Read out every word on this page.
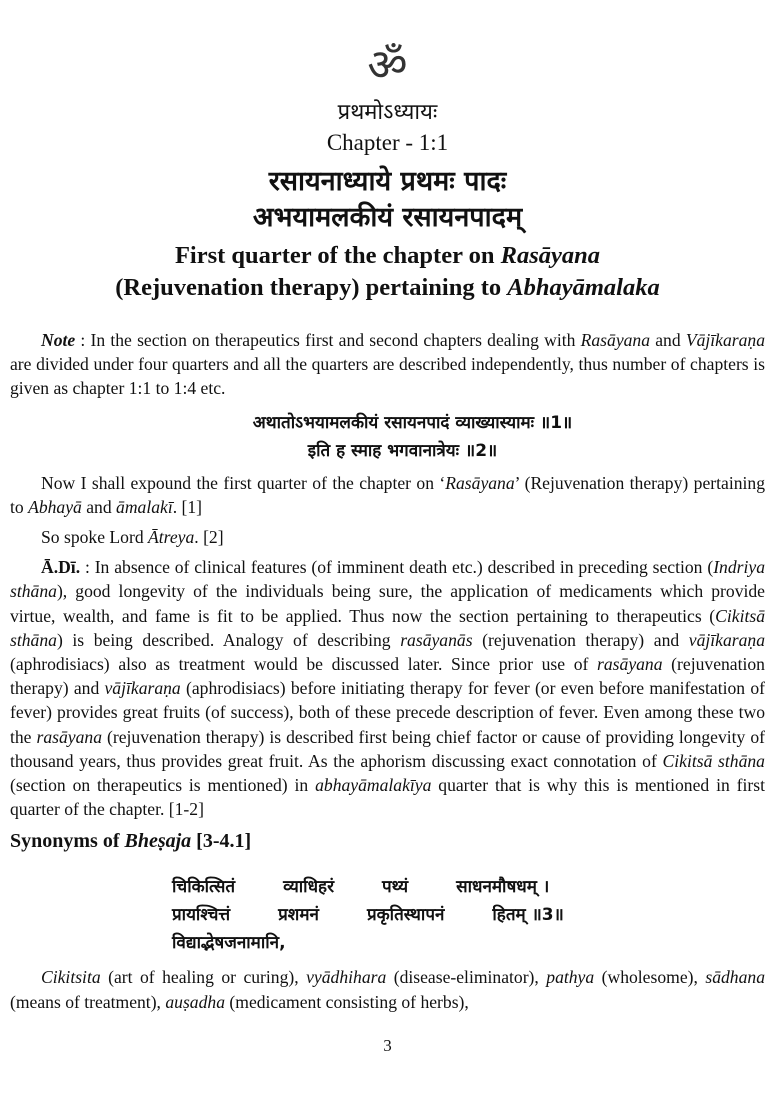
ॐ
प्रथमोऽध्यायः
Chapter - 1:1
रसायनाध्याये प्रथमः पादः
अभयामलकीयं रसायनपादम्
First quarter of the chapter on Rasāyana
(Rejuvenation therapy) pertaining to Abhayāmalaka

Note : In the section on therapeutics first and second chapters dealing with Rasāyana and Vājīkaraṇa are divided under four quarters and all the quarters are described independently, thus number of chapters is given as chapter 1:1 to 1:4 etc.

अथातोऽभयामलकीयं रसायनपादं व्याख्यास्यामः ॥1॥
इति ह स्माह भगवानात्रेयः ॥2॥

Now I shall expound the first quarter of the chapter on ‘Rasāyana’ (Rejuvenation therapy) pertaining to Abhayā and āmalakī. [1]

So spoke Lord Ātreya. [2]

Ā.Dī. : In absence of clinical features (of imminent death etc.) described in preceding section (Indriya sthāna), good longevity of the individuals being sure, the application of medicaments which provide virtue, wealth, and fame is fit to be applied. Thus now the section pertaining to therapeutics (Cikitsā sthāna) is being described. Analogy of describing rasāyanās (rejuvenation therapy) and vājīkaraṇa (aphrodisiacs) also as treatment would be discussed later. Since prior use of rasāyana (rejuvenation therapy) and vājīkaraṇa (aphrodisiacs) before initiating therapy for fever (or even before manifestation of fever) provides great fruits (of success), both of these precede description of fever. Even among these two the rasāyana (rejuvenation therapy) is described first being chief factor or cause of providing longevity of thousand years, thus provides great fruit. As the aphorism discussing exact connotation of Cikitsā sthāna (section on therapeutics is mentioned) in abhayāmalakīya quarter that is why this is mentioned in first quarter of the chapter. [1-2]

Synonyms of Bheṣaja [3-4.1]
चिकित्सितं	व्याधिहरं	पथ्यं	साधनमौषधम् ।
प्रायश्चित्तं	प्रशमनं	प्रकृतिस्थापनं	हितम् ॥3॥
विद्याद्भेषजनामानि,

Cikitsita (art of healing or curing), vyādhihara (disease-eliminator), pathya (wholesome), sādhana (means of treatment), auṣadha (medicament consisting of herbs),

3
